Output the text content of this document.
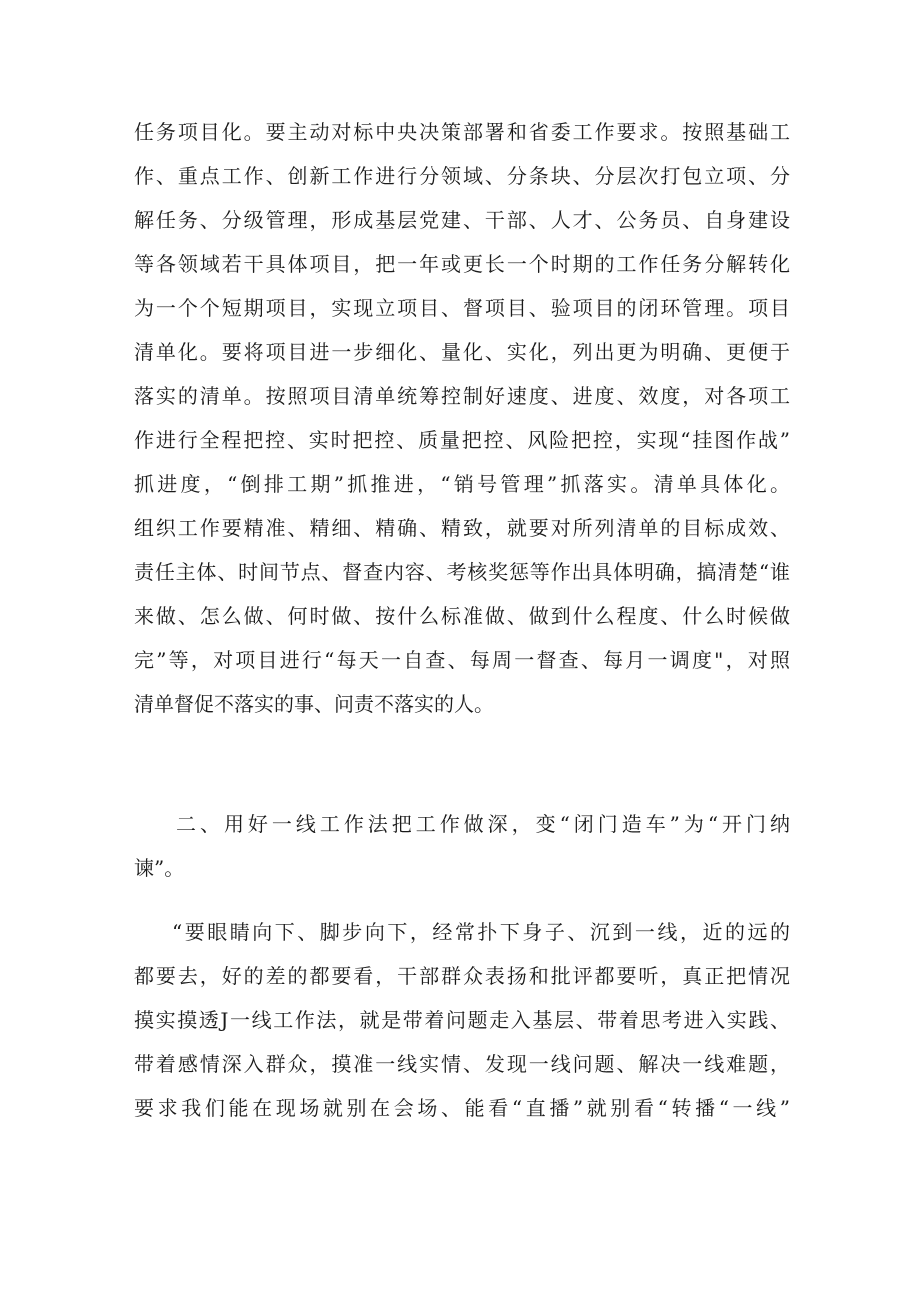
任务项目化。要主动对标中央决策部署和省委工作要求。按照基础工
作、重点工作、创新工作进行分领域、分条块、分层次打包立项、分
解任务、分级管理，形成基层党建、干部、人才、公务员、自身建设
等各领域若干具体项目，把一年或更长一个时期的工作任务分解转化
为一个个短期项目，实现立项目、督项目、验项目的闭环管理。项目
清单化。要将项目进一步细化、量化、实化，列出更为明确、更便于
落实的清单。按照项目清单统筹控制好速度、进度、效度，对各项工
作进行全程把控、实时把控、质量把控、风险把控，实现“挂图作战”
抓进度，“倒排工期”抓推进，“销号管理”抓落实。清单具体化。
组织工作要精准、精细、精确、精致，就要对所列清单的目标成效、
责任主体、时间节点、督查内容、考核奖惩等作出具体明确，搞清楚“谁
来做、怎么做、何时做、按什么标准做、做到什么程度、什么时候做
完”等，对项目进行“每天一自查、每周一督查、每月一调度"，对照
清单督促不落实的事、问责不落实的人。
二、用好一线工作法把工作做深，变“闭门造车”为“开门纳
谏”。
“要眼睛向下、脚步向下，经常扑下身子、沉到一线，近的远的
都要去，好的差的都要看，干部群众表扬和批评都要听，真正把情况
摸实摸透J一线工作法，就是带着问题走入基层、带着思考进入实践、
带着感情深入群众，摸准一线实情、发现一线问题、解决一线难题，
要求我们能在现场就别在会场、能看“直播”就别看“转播“一线”
